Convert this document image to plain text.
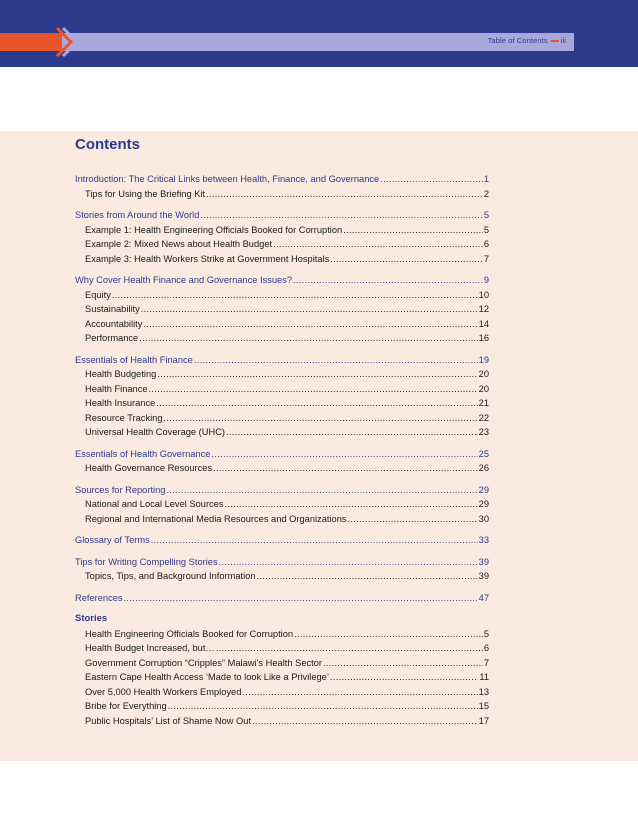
Table of Contents iii
Contents
Introduction: The Critical Links between Health, Finance, and Governance .....	1
Tips for Using the Briefing Kit .....	2
Stories from Around the World .....	5
Example 1: Health Engineering Officials Booked for Corruption .....	5
Example 2: Mixed News about Health Budget .....	6
Example 3: Health Workers Strike at Government Hospitals .....	7
Why Cover Health Finance and Governance Issues? .....	9
Equity .....	10
Sustainability .....	12
Accountability .....	14
Performance .....	16
Essentials of Health Finance .....	19
Health Budgeting .....	20
Health Finance .....	20
Health Insurance .....	21
Resource Tracking .....	22
Universal Health Coverage (UHC) .....	23
Essentials of Health Governance .....	25
Health Governance Resources .....	26
Sources for Reporting .....	29
National and Local Level Sources .....	29
Regional and International Media Resources and Organizations .....	30
Glossary of Terms .....	33
Tips for Writing Compelling Stories .....	39
Topics, Tips, and Background Information .....	39
References .....	47
Stories
Health Engineering Officials Booked for Corruption .....	5
Health Budget Increased, but… .....	6
Government Corruption “Cripples” Malawi’s Health Sector .....	7
Eastern Cape Health Access ‘Made to look Like a Privilege’ .....	11
Over 5,000 Health Workers Employed .....	13
Bribe for Everything .....	15
Public Hospitals’ List of Shame Now Out .....	17
